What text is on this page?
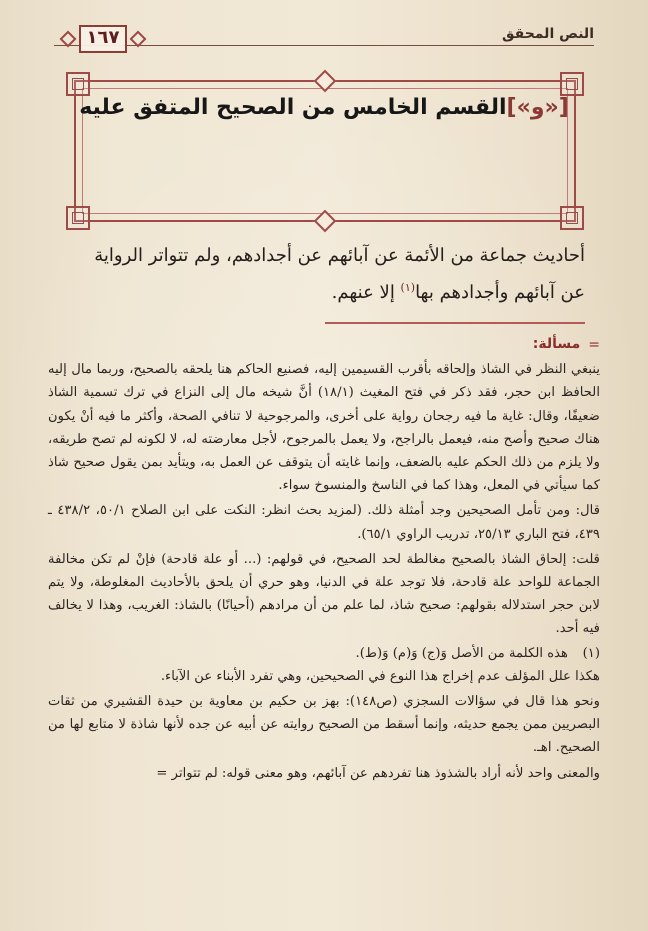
١٦٧	النص المحقق
[«و»]القسم الخامس من الصحيح المتفق عليه

أحاديث جماعة من الأئمة عن آبائهم عن أجدادهم، ولم تتواتر الرواية

عن آبائهم وأجدادهم بها$^{(١)}$ إلا عنهم.

=
مسألة:

ينبغي النظر في الشاذ وإلحاقه بأقرب القسيمين إليه، فصنيع الحاكم هنا يلحقه بالصحيح، وربما مال إليه الحافظ ابن حجر، فقد ذكر في فتح المغيث (١٨/١) أنَّ شيخه مال إلى النزاع في ترك تسمية الشاذ ضعيفًا، وقال: غاية ما فيه رجحان رواية على أخرى، والمرجوحية لا تنافي الصحة، وأكثر ما فيه أنْ يكون هناك صحيح وأصح منه، فيعمل بالراجح، ولا يعمل بالمرجوح، لأجل معارضته له، لا لكونه لم تصح طريقه، ولا يلزم من ذلك الحكم عليه بالضعف، وإنما غايته أن يتوقف عن العمل به، ويتأيد بمن يقول صحيح شاذ كما سيأتي في المعل، وهذا كما في الناسخ والمنسوخ سواء.

قال: ومن تأمل الصحيحين وجد أمثلة ذلك. (لمزيد بحث انظر: النكت على ابن الصلاح ٥٠/١، ٤٣٨/٢ ـ ٤٣٩، فتح الباري ٢٥/١٣، تدريب الراوي ٦٥/١).

قلت: إلحاق الشاذ بالصحيح مغالطة لحد الصحيح، في قولهم: (... أو علة قادحة) فإنْ لم تكن مخالفة الجماعة للواحد علة قادحة، فلا توجد علة في الدنيا، وهو حري أن يلحق بالأحاديث المغلوطة، ولا يتم لابن حجر استدلاله بقولهم: صحيح شاذ، لما علم من أن مرادهم (أحيانًا) بالشاذ: الغريب، وهذا لا يخالف فيه أحد.

(١)
هذه الكلمة من الأصل وَ(ج) وَ(م) وَ(ط).

هكذا علل المؤلف عدم إخراج هذا النوع في الصحيحين، وهي تفرد الأبناء عن الآباء.

ونحو هذا قال في سؤالات السجزي (ص١٤٨): بهز بن حكيم بن معاوية بن حيدة القشيري من ثقات البصريين ممن يجمع حديثه، وإنما أسقط من الصحيح روايته عن أبيه عن جده لأنها شاذة لا متابع لها من الصحيح. اهـ.

والمعنى واحد لأنه أراد بالشذوذ هنا تفردهم عن آبائهم، وهو معنى قوله: لم تتواتر =
